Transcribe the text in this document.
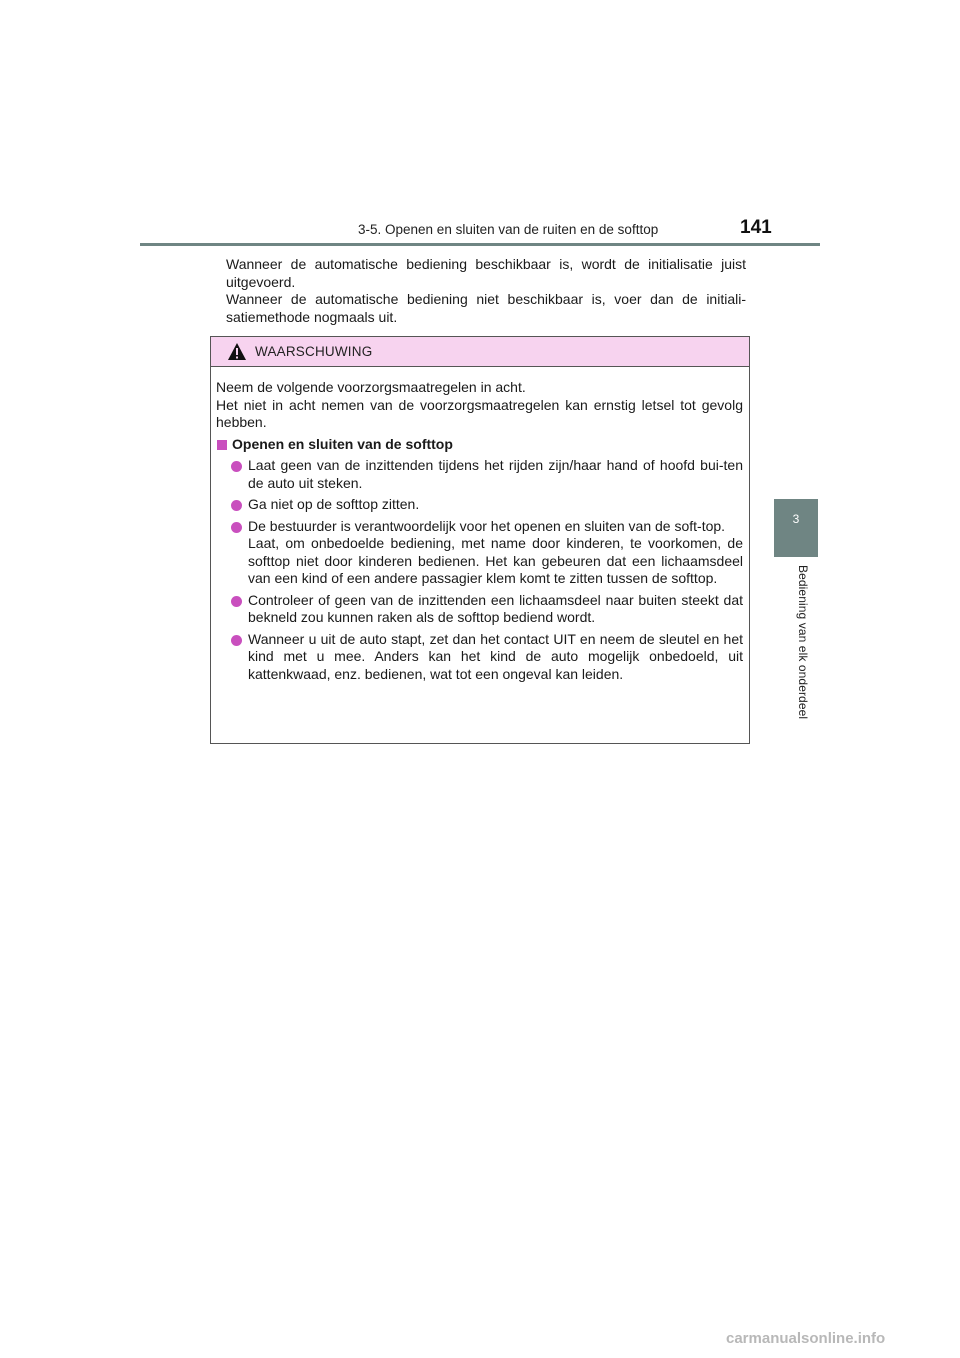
3-5. Openen en sluiten van de ruiten en de softtop	141
3
Bediening van elk onderdeel

Wanneer de automatische bediening beschikbaar is, wordt de initialisatie juist uitgevoerd.

Wanneer de automatische bediening niet beschikbaar is, voer dan de initiali-satiemethode nogmaals uit.

WAARSCHUWING

Neem de volgende voorzorgsmaatregelen in acht.

Het niet in acht nemen van de voorzorgsmaatregelen kan ernstig letsel tot gevolg hebben.

Openen en sluiten van de softtop
Laat geen van de inzittenden tijdens het rijden zijn/haar hand of hoofd bui-ten de auto uit steken.
Ga niet op de softtop zitten.
De bestuurder is verantwoordelijk voor het openen en sluiten van de soft-top.
Laat, om onbedoelde bediening, met name door kinderen, te voorkomen, de softtop niet door kinderen bedienen. Het kan gebeuren dat een lichaamsdeel van een kind of een andere passagier klem komt te zitten tussen de softtop.
Controleer of geen van de inzittenden een lichaamsdeel naar buiten steekt dat bekneld zou kunnen raken als de softtop bediend wordt.
Wanneer u uit de auto stapt, zet dan het contact UIT en neem de sleutel en het kind met u mee. Anders kan het kind de auto mogelijk onbedoeld, uit kattenkwaad, enz. bedienen, wat tot een ongeval kan leiden.
carmanualsonline.info
